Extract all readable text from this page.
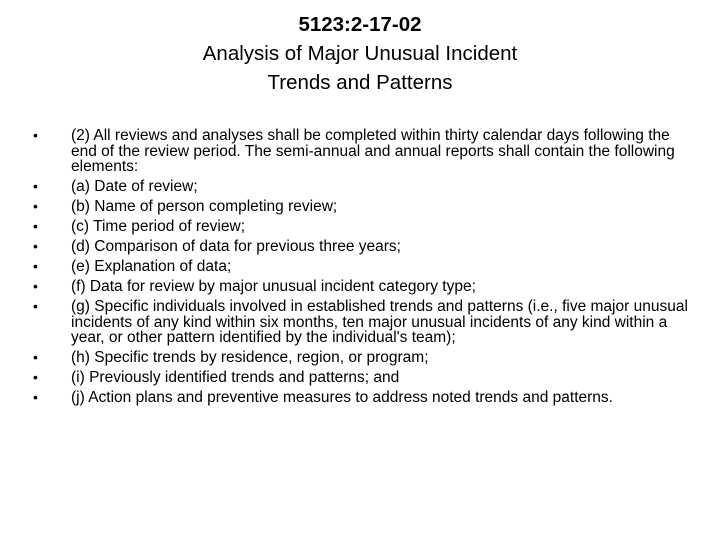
5123:2-17-02
Analysis of Major Unusual Incident
Trends and Patterns
• (2) All reviews and analyses shall be completed within thirty calendar days following the end of the review period. The semi-annual and annual reports shall contain the following elements:
• (a) Date of review;
• (b) Name of person completing review;
• (c) Time period of review;
• (d) Comparison of data for previous three years;
• (e) Explanation of data;
• (f) Data for review by major unusual incident category type;
• (g) Specific individuals involved in established trends and patterns (i.e., five major unusual incidents of any kind within six months, ten major unusual incidents of any kind within a year, or other pattern identified by the individual's team);
• (h) Specific trends by residence, region, or program;
• (i) Previously identified trends and patterns; and
• (j) Action plans and preventive measures to address noted trends and patterns.
